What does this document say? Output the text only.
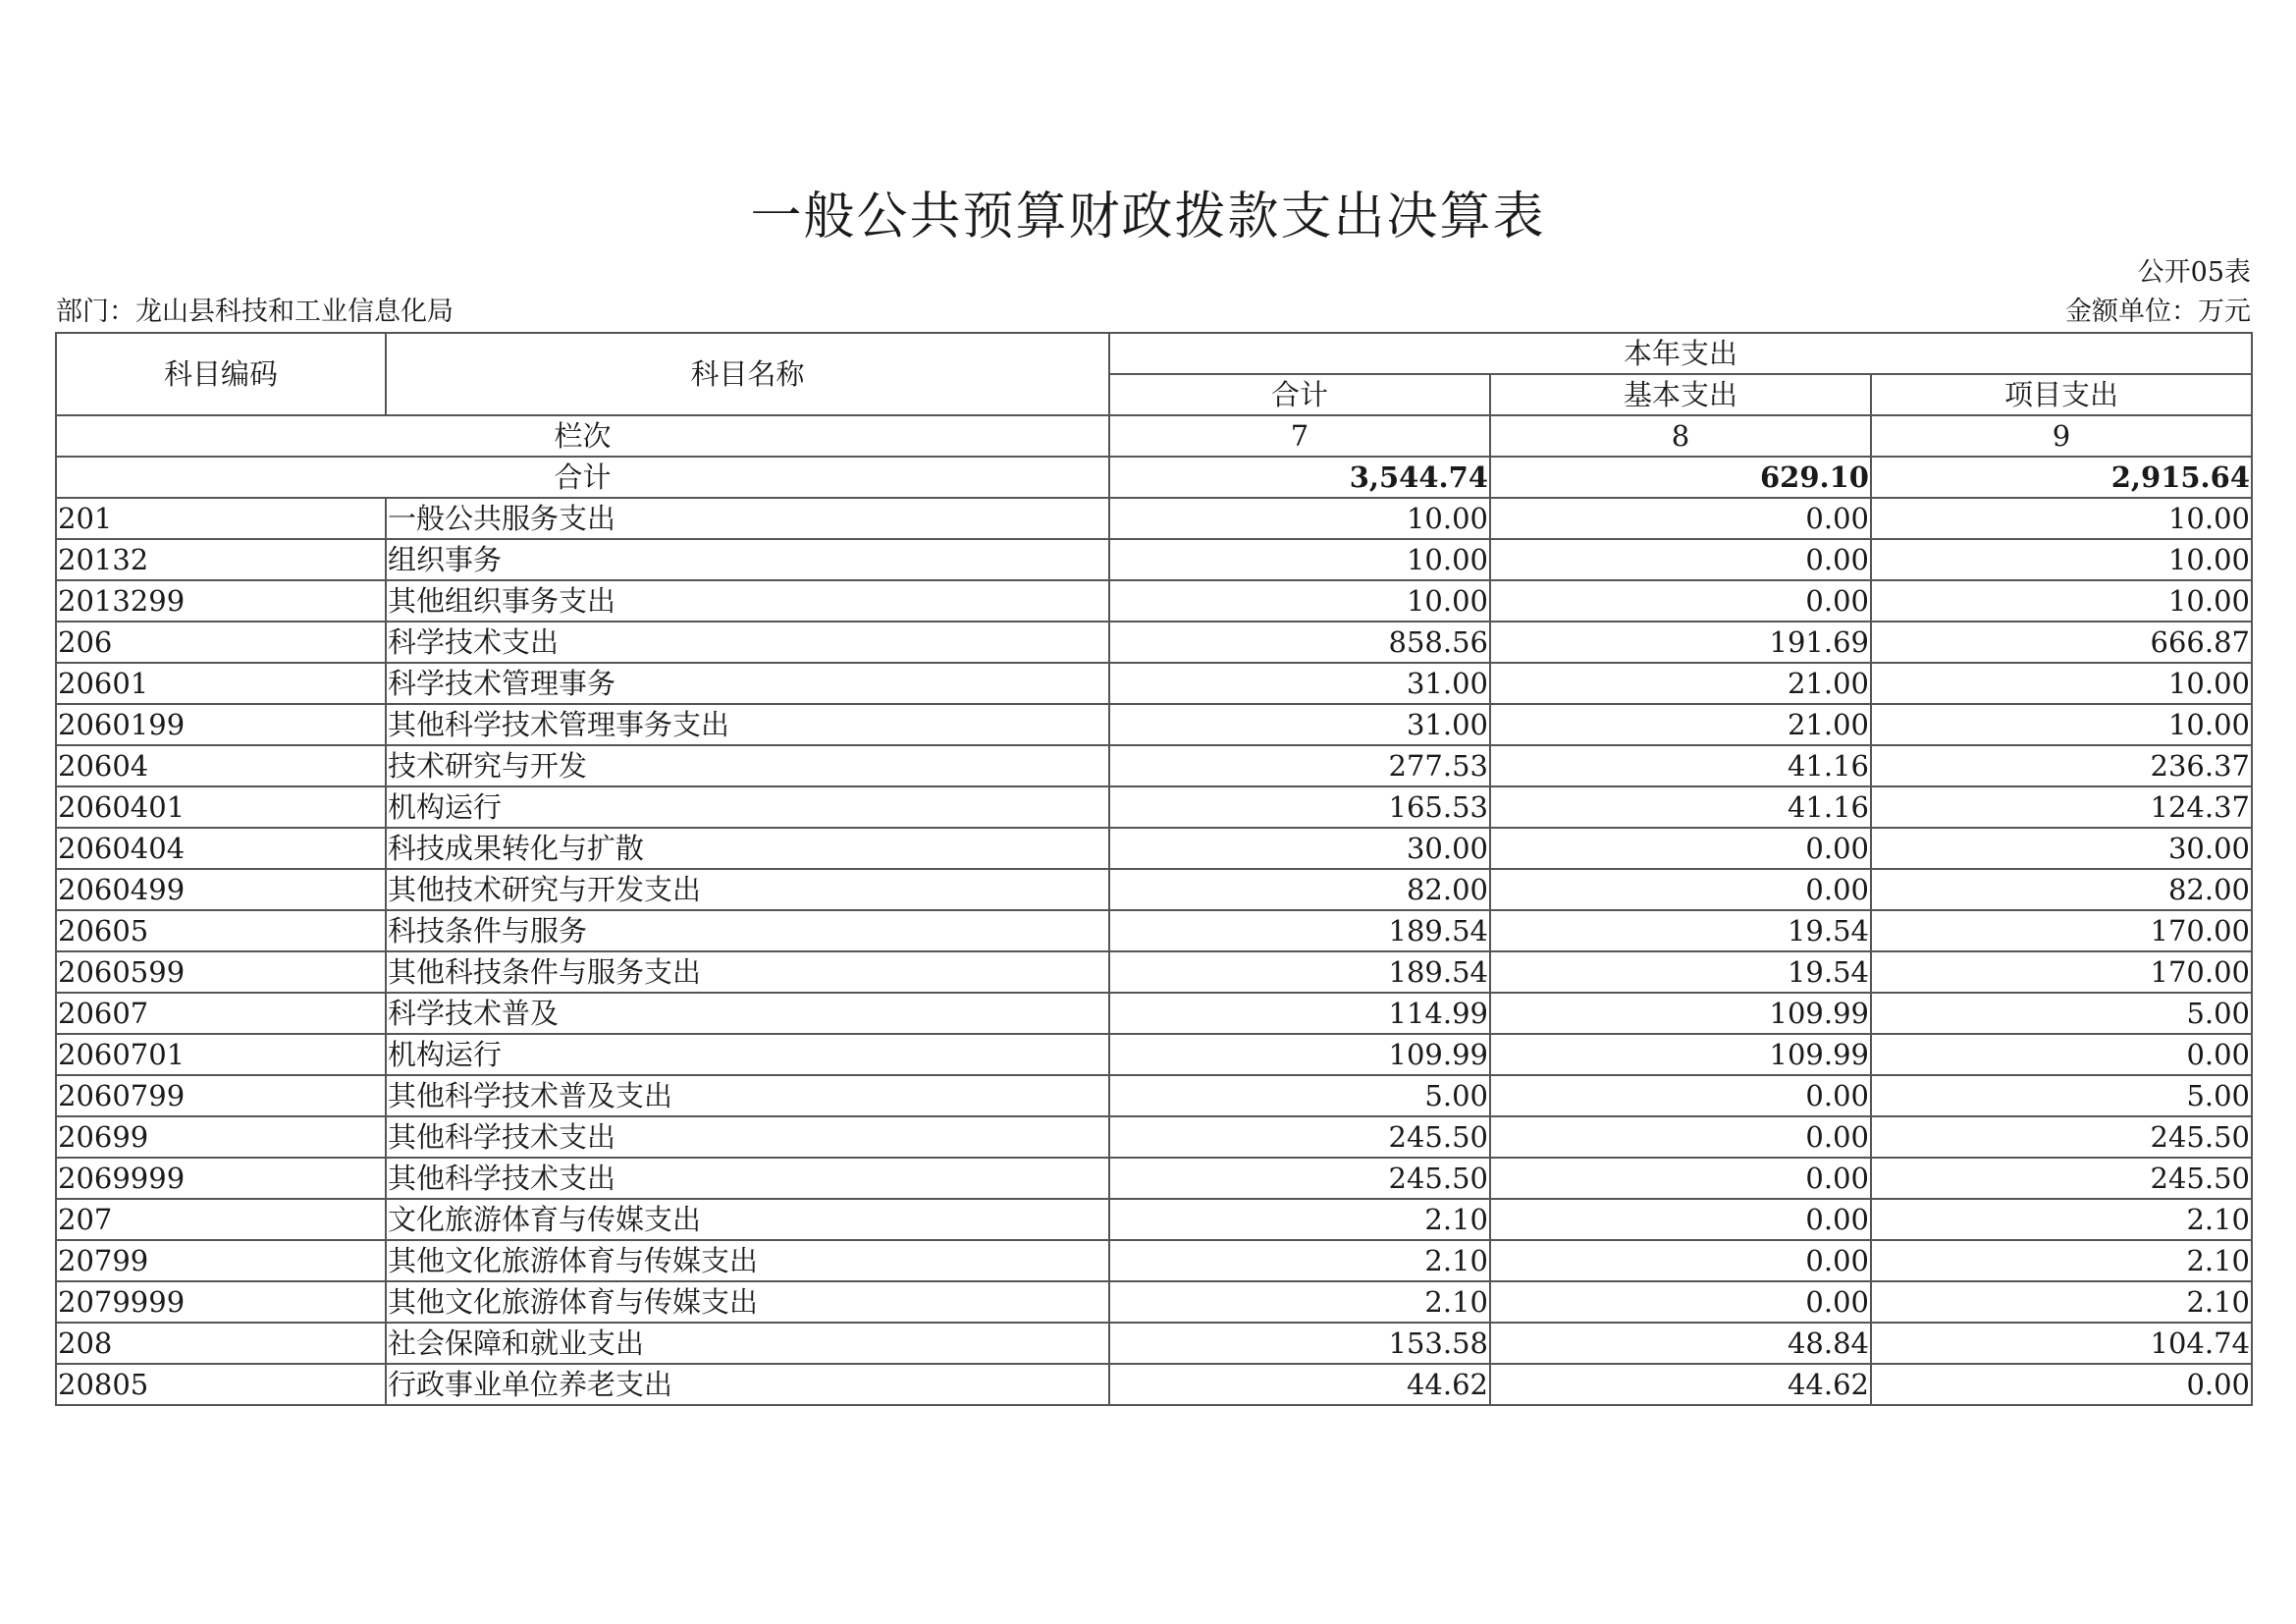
一般公共预算财政拨款支出决算表
公开05表
部门：龙山县科技和工业信息化局	金额单位：万元
科目编码	科目名称	本年支出		
		合计	基本支出	项目支出
栏次		7	8	9
合计		3,544.74	629.10	2,915.64
201	一般公共服务支出	10.00	0.00	10.00
20132	组织事务	10.00	0.00	10.00
2013299	其他组织事务支出	10.00	0.00	10.00
206	科学技术支出	858.56	191.69	666.87
20601	科学技术管理事务	31.00	21.00	10.00
2060199	其他科学技术管理事务支出	31.00	21.00	10.00
20604	技术研究与开发	277.53	41.16	236.37
2060401	机构运行	165.53	41.16	124.37
2060404	科技成果转化与扩散	30.00	0.00	30.00
2060499	其他技术研究与开发支出	82.00	0.00	82.00
20605	科技条件与服务	189.54	19.54	170.00
2060599	其他科技条件与服务支出	189.54	19.54	170.00
20607	科学技术普及	114.99	109.99	5.00
2060701	机构运行	109.99	109.99	0.00
2060799	其他科学技术普及支出	5.00	0.00	5.00
20699	其他科学技术支出	245.50	0.00	245.50
2069999	其他科学技术支出	245.50	0.00	245.50
207	文化旅游体育与传媒支出	2.10	0.00	2.10
20799	其他文化旅游体育与传媒支出	2.10	0.00	2.10
2079999	其他文化旅游体育与传媒支出	2.10	0.00	2.10
208	社会保障和就业支出	153.58	48.84	104.74
20805	行政事业单位养老支出	44.62	44.62	0.00
